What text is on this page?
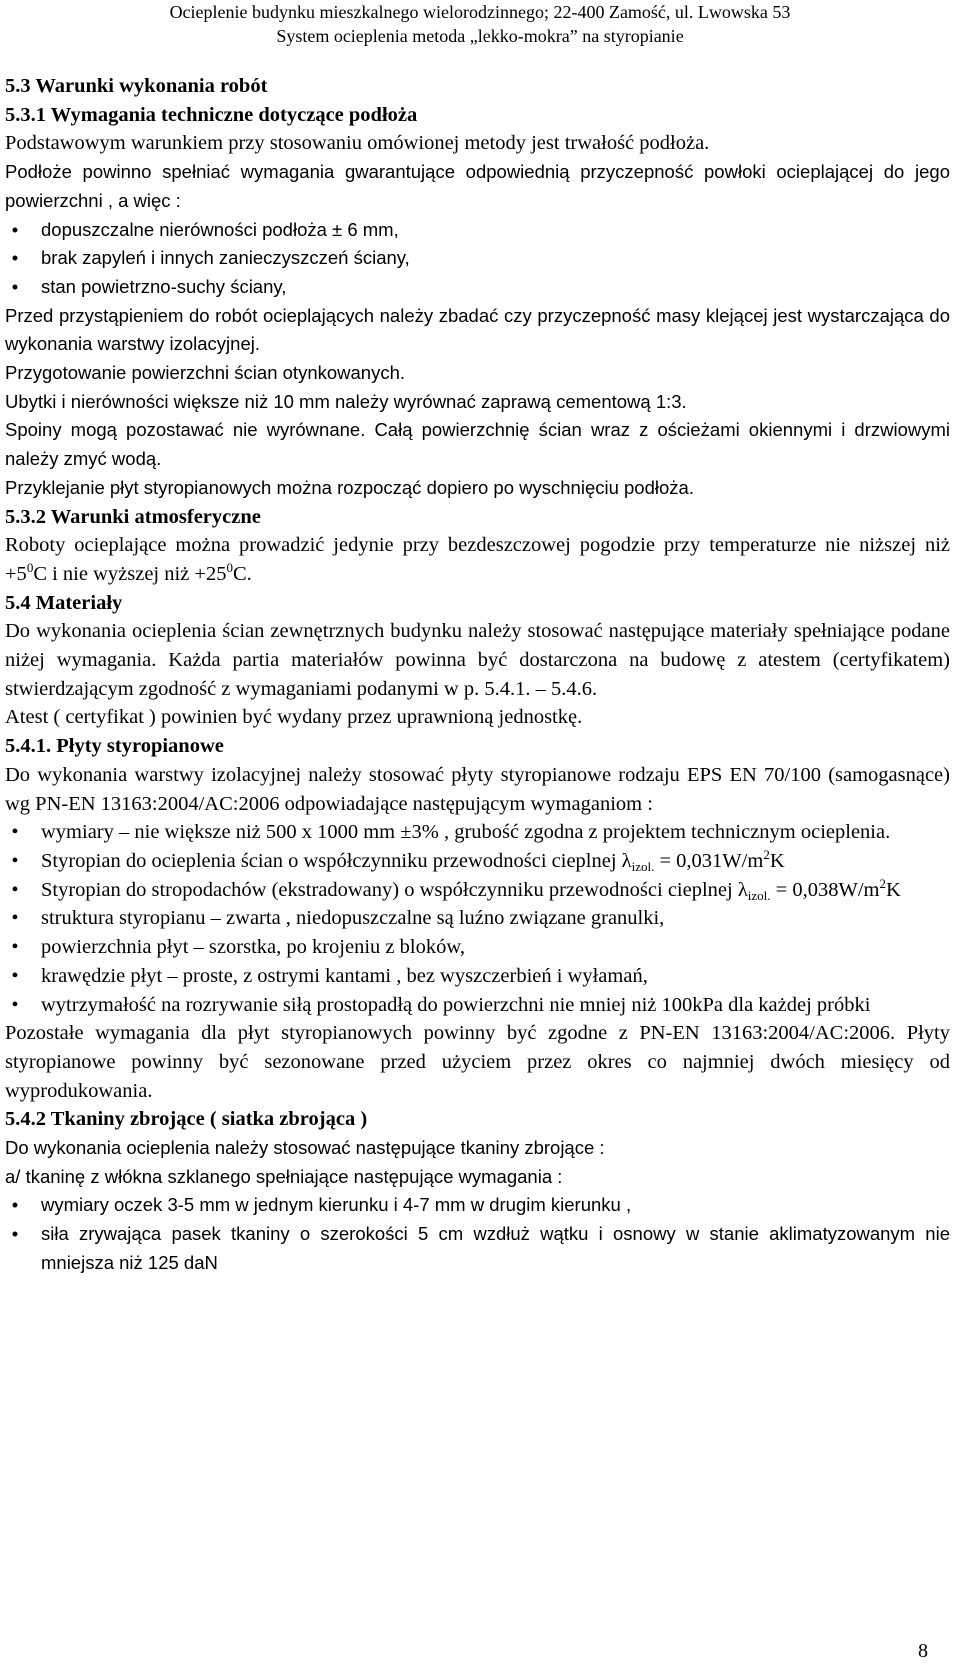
Ocieplenie budynku mieszkalnego wielorodzinnego; 22-400 Zamość, ul. Lwowska 53
System ocieplenia metoda „lekko-mokra” na styropianie

5.3 Warunki wykonania robót

5.3.1 Wymagania techniczne dotyczące podłoża

Podstawowym warunkiem przy stosowaniu omówionej metody jest trwałość podłoża.

Podłoże powinno spełniać wymagania gwarantujące odpowiednią przyczepność powłoki ocieplającej do jego powierzchni , a więc :

•	dopuszczalne nierówności podłoża ± 6 mm,
•	brak zapyleń i innych zanieczyszczeń ściany,
•	stan powietrzno-suchy ściany,

Przed przystąpieniem do robót ocieplających należy zbadać czy przyczepność masy klejącej jest wystarczająca do wykonania warstwy izolacyjnej.

Przygotowanie powierzchni ścian otynkowanych.

Ubytki i nierówności większe niż 10 mm należy wyrównać zaprawą cementową 1:3.

Spoiny mogą pozostawać nie wyrównane. Całą powierzchnię ścian wraz z ościeżami okiennymi i drzwiowymi należy zmyć wodą.

Przyklejanie płyt styropianowych można rozpocząć dopiero po wyschnięciu podłoża.

5.3.2 Warunki atmosferyczne

Roboty ocieplające można prowadzić jedynie przy bezdeszczowej pogodzie przy temperaturze nie niższej niż $+5^0C$ i nie wyższej niż $+25^0C$.

5.4 Materiały

Do wykonania ocieplenia ścian zewnętrznych budynku należy stosować następujące materiały spełniające podane niżej wymagania. Każda partia materiałów powinna być dostarczona na budowę z atestem (certyfikatem) stwierdzającym zgodność z wymaganiami podanymi w p. 5.4.1. – 5.4.6.

Atest ( certyfikat ) powinien być wydany przez uprawnioną jednostkę.

5.4.1. Płyty styropianowe

Do wykonania warstwy izolacyjnej należy stosować płyty styropianowe rodzaju EPS EN 70/100 (samogasnące) wg PN-EN 13163:2004/AC:2006 odpowiadające następującym wymaganiom :

•	wymiary – nie większe niż 500 x 1000 mm ±3% , grubość zgodna z projektem technicznym ocieplenia.
•	Styropian do ocieplenia ścian o współczynniku przewodności cieplnej $\lambda_{izol.} = 0,031W/m^2K$
•	Styropian do stropodachów (ekstradowany) o współczynniku przewodności cieplnej $\lambda_{izol.} = 0,038W/m^2K$
•	struktura styropianu – zwarta , niedopuszczalne są luźno związane granulki,
•	powierzchnia płyt – szorstka, po krojeniu z bloków,
•	krawędzie płyt – proste, z ostrymi kantami , bez wyszczerbień i wyłamań,
•	wytrzymałość na rozrywanie siłą prostopadłą do powierzchni nie mniej niż 100kPa dla każdej próbki

Pozostałe wymagania dla płyt styropianowych powinny być zgodne z PN-EN 13163:2004/AC:2006. Płyty styropianowe powinny być sezonowane przed użyciem przez okres co najmniej dwóch miesięcy od wyprodukowania.

5.4.2 Tkaniny zbrojące ( siatka zbrojąca )

Do wykonania ocieplenia należy stosować następujące tkaniny zbrojące :

a/ tkaninę z włókna szklanego spełniające następujące wymagania :

•	wymiary oczek 3-5 mm w jednym kierunku i 4-7 mm w drugim kierunku ,
•	siła zrywająca pasek tkaniny o szerokości 5 cm wzdłuż wątku i osnowy w stanie aklimatyzowanym nie mniejsza niż 125 daN
8
